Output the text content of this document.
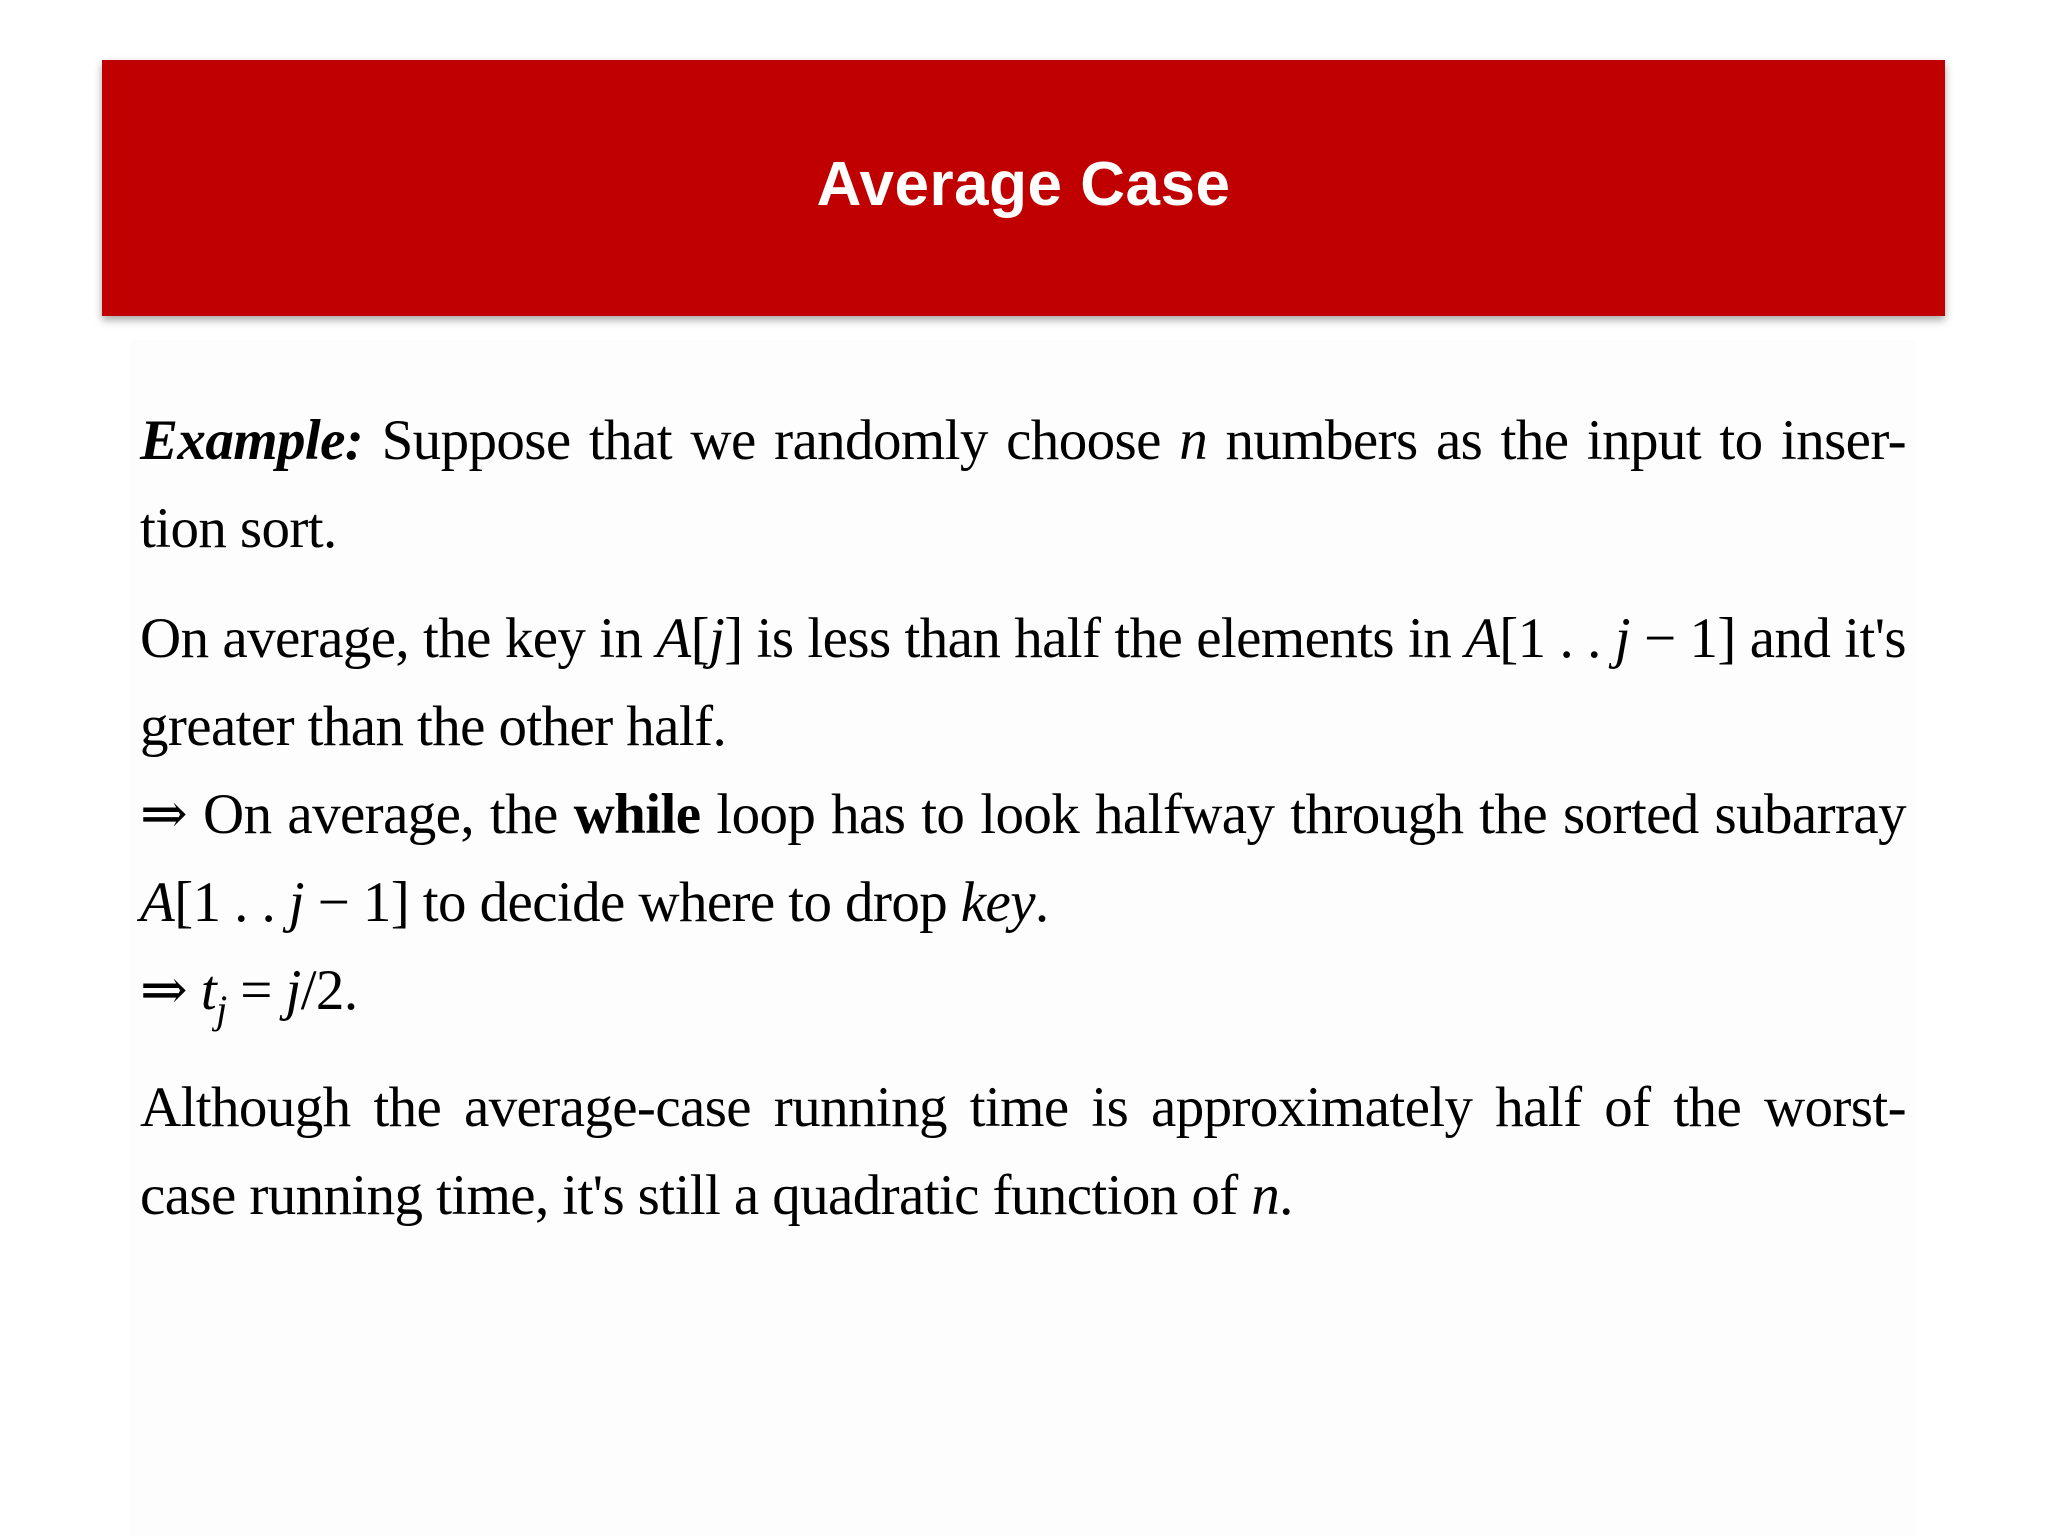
Average Case

Example: Suppose that we randomly choose n numbers as the input to inser-tion sort.

On average, the key in A[j] is less than half the elements in A[1 . . j − 1] and it's greater than the other half.

⇒ On average, the while loop has to look halfway through the sorted subarray A[1 . . j − 1] to decide where to drop key.

⇒ $t_j = j/2$.

Although the average-case running time is approximately half of the worst-case running time, it's still a quadratic function of n.
